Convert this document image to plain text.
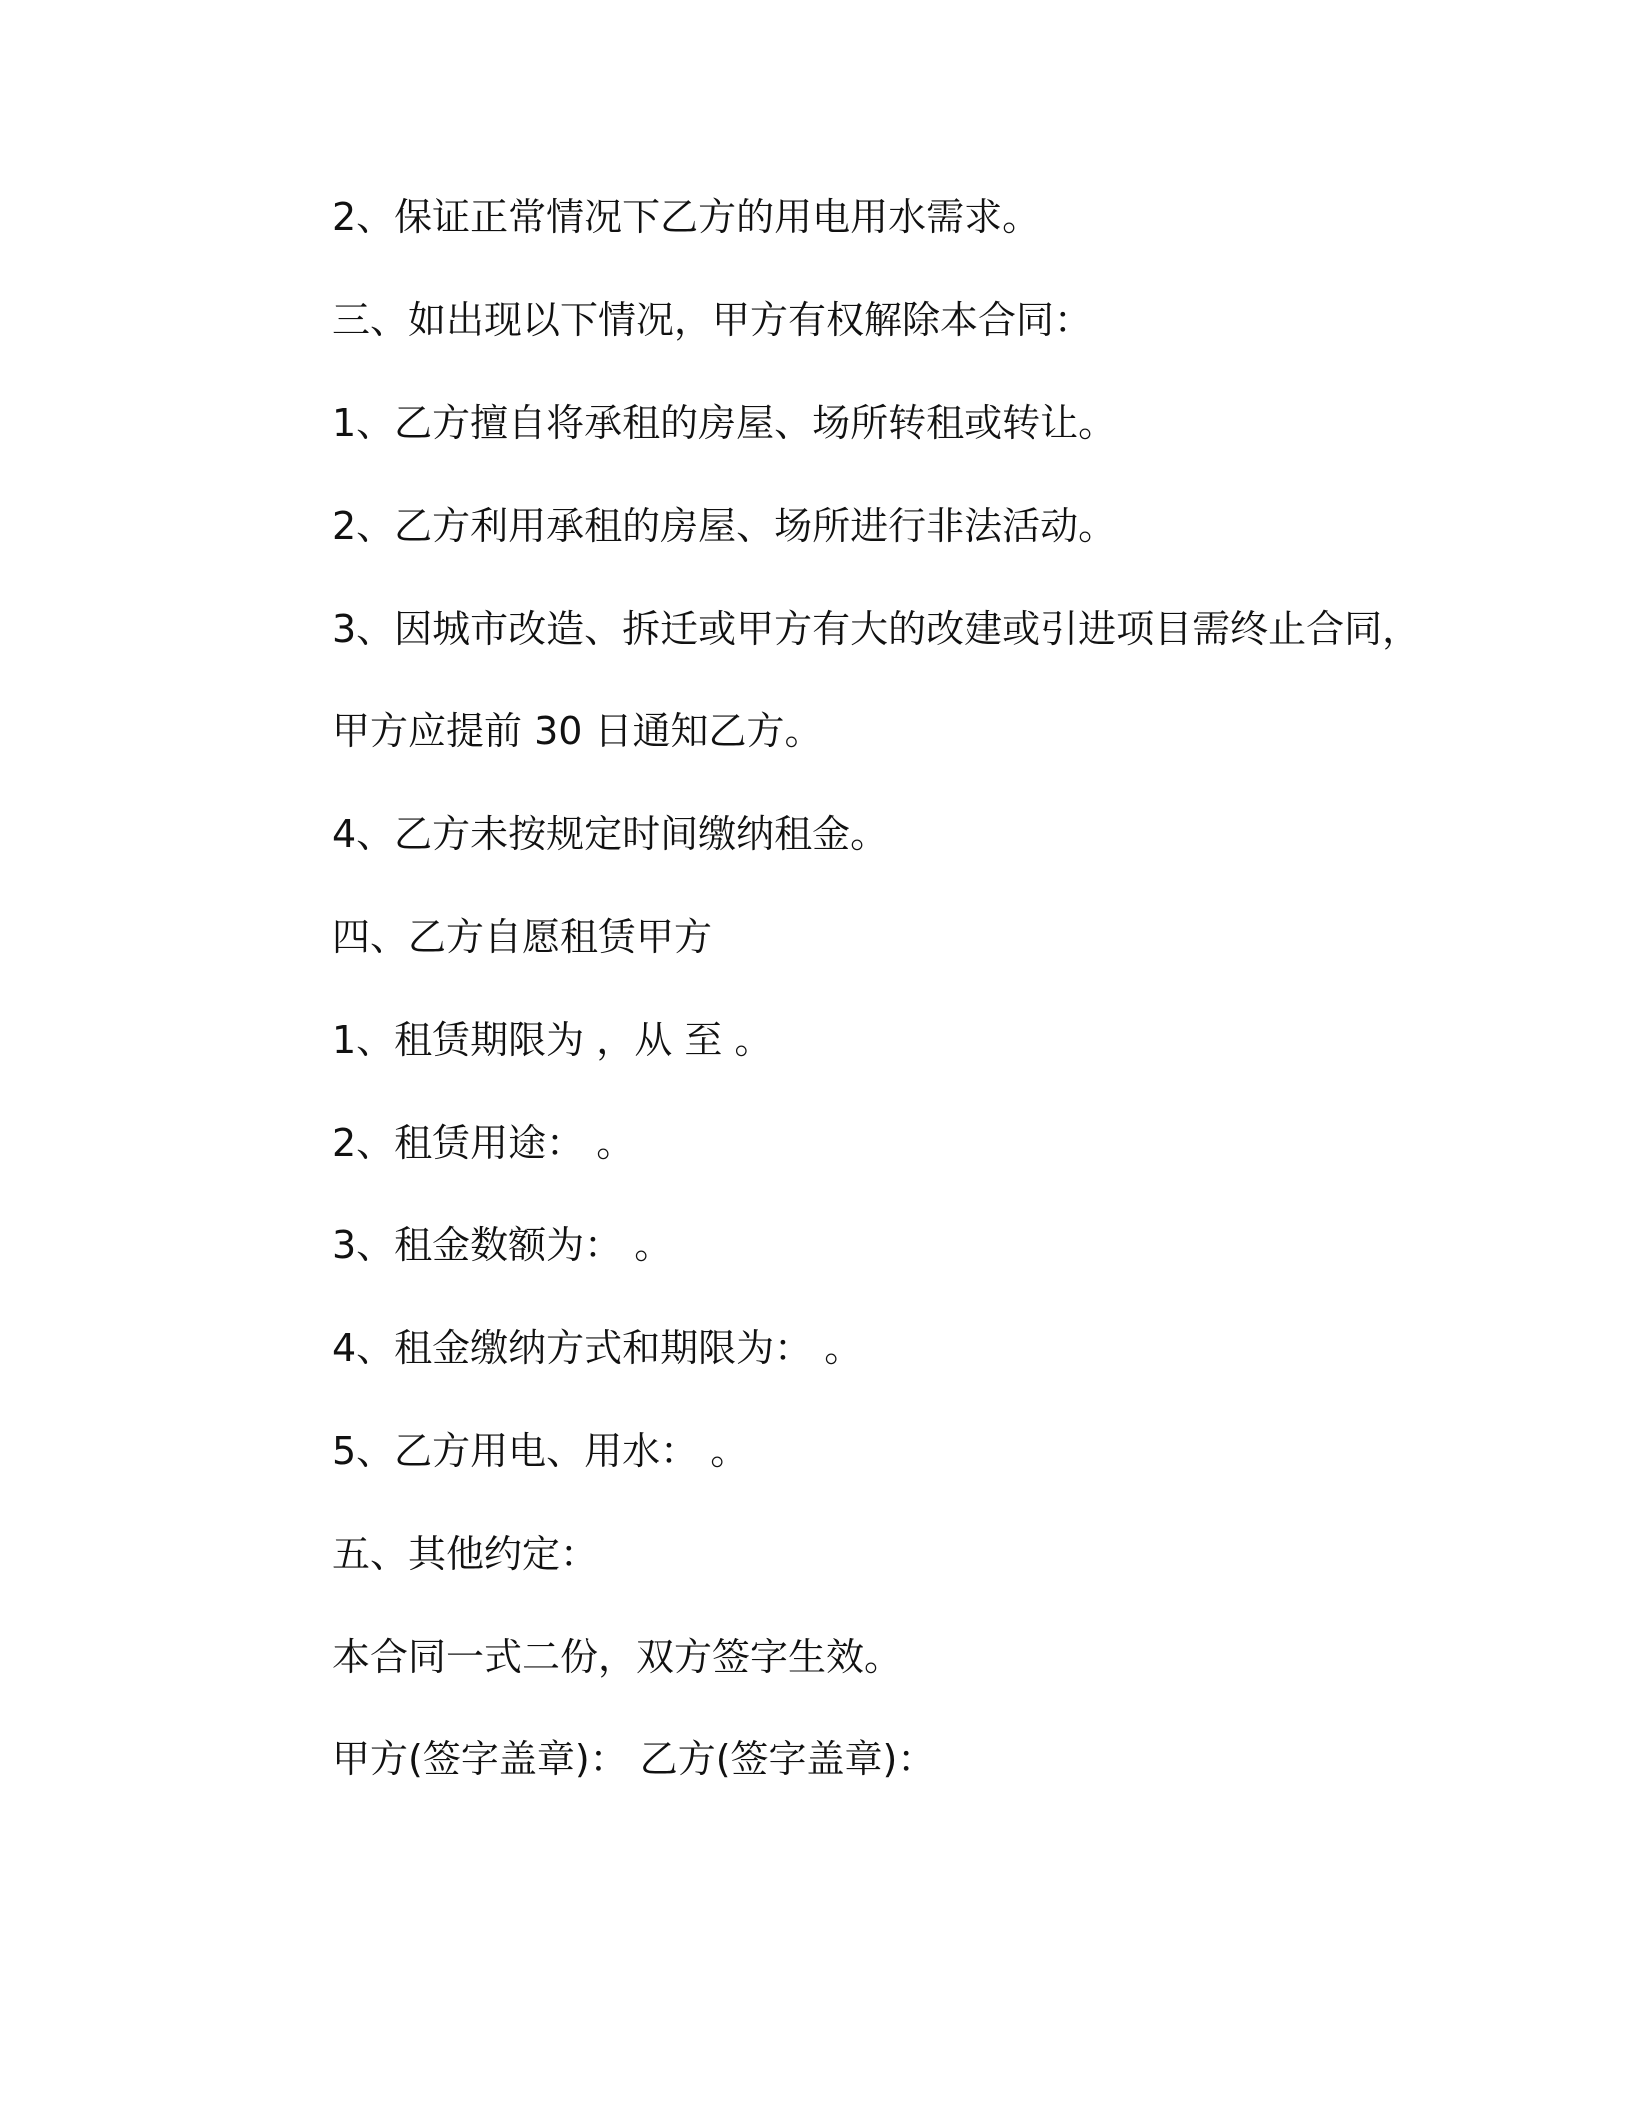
2、保证正常情况下乙方的用电用水需求。

三、如出现以下情况，甲方有权解除本合同：

1、乙方擅自将承租的房屋、场所转租或转让。

2、乙方利用承租的房屋、场所进行非法活动。

3、因城市改造、拆迁或甲方有大的改建或引进项目需终止合同，

甲方应提前 30 日通知乙方。

4、乙方未按规定时间缴纳租金。

四、乙方自愿租赁甲方

1、租赁期限为 ，从 至 。

2、租赁用途： 。

3、租金数额为： 。

4、租金缴纳方式和期限为： 。

5、乙方用电、用水： 。

五、其他约定：

本合同一式二份，双方签字生效。

甲方(签字盖章)： 乙方(签字盖章)：
